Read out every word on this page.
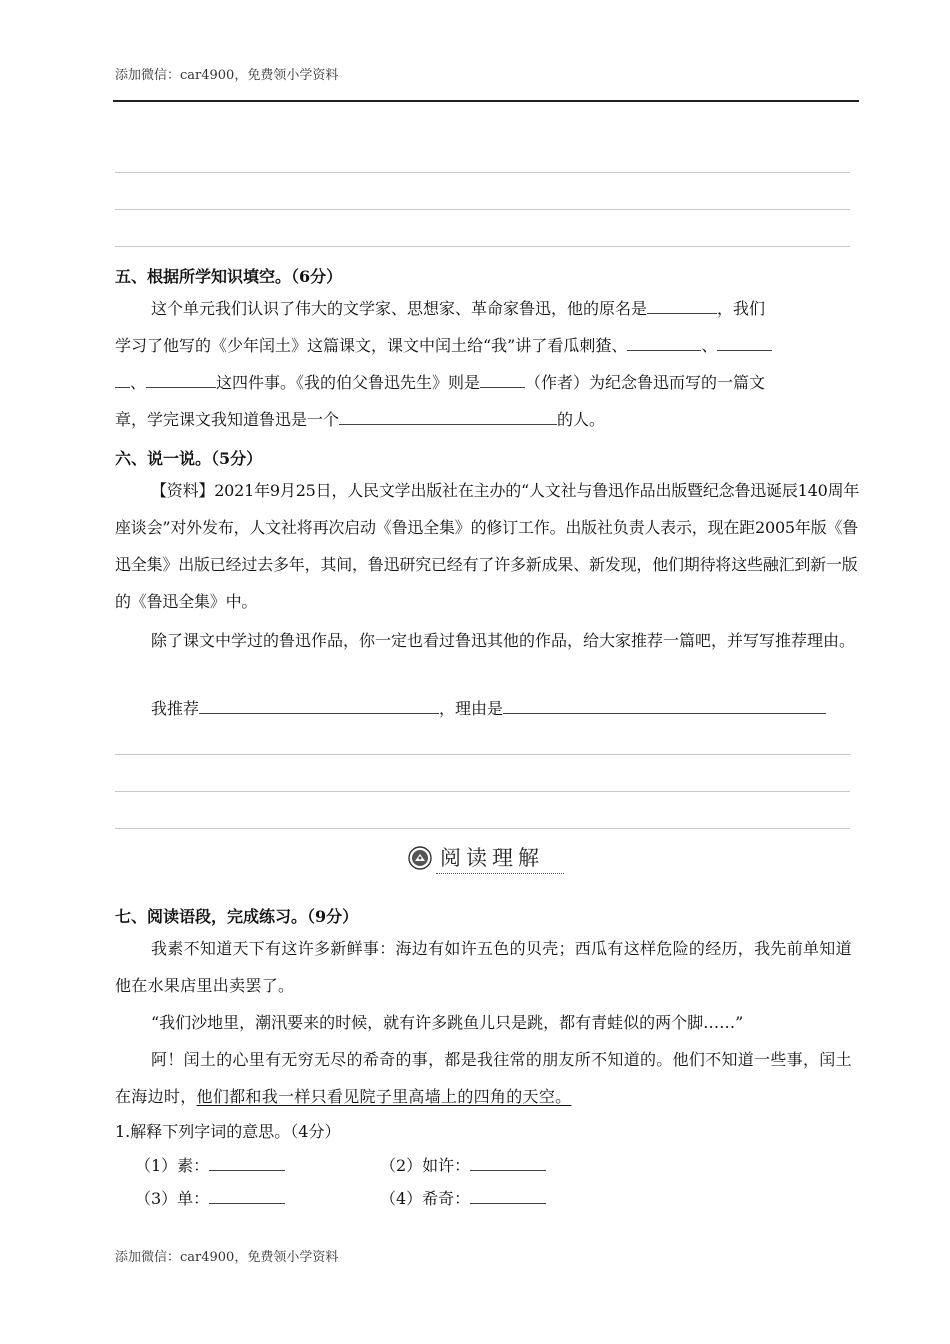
添加微信：car4900，免费领小学资料
五、根据所学知识填空。（6分）
这个单元我们认识了伟大的文学家、思想家、革命家鲁迅，他的原名是	，我们
学习了他写的《少年闰土》这篇课文，课文中闰土给“我”讲了看瓜刺猹、	、
、	这四件事。《我的伯父鲁迅先生》则是	（作者）为纪念鲁迅而写的一篇文
章，学完课文我知道鲁迅是一个	的人。
六、说一说。（5分）
【资料】2021年9月25日，人民文学出版社在主办的“人文社与鲁迅作品出版暨纪念鲁迅诞辰140周年座谈会”对外发布，人文社将再次启动《鲁迅全集》的修订工作。出版社负责人表示，现在距2005年版《鲁迅全集》出版已经过去多年，其间，鲁迅研究已经有了许多新成果、新发现，他们期待将这些融汇到新一版的《鲁迅全集》中。
除了课文中学过的鲁迅作品，你一定也看过鲁迅其他的作品，给大家推荐一篇吧，并写写推荐理由。
我推荐	，理由是
阅读理解
七、阅读语段，完成练习。（9分）
我素不知道天下有这许多新鲜事：海边有如许五色的贝壳；西瓜有这样危险的经历，我先前单知道他在水果店里出卖罢了。
“我们沙地里，潮汛要来的时候，就有许多跳鱼儿只是跳，都有青蛙似的两个脚……”
阿！闰土的心里有无穷无尽的希奇的事，都是我往常的朋友所不知道的。他们不知道一些事，闰土在海边时，他们都和我一样只看见院子里高墙上的四角的天空。
1.解释下列字词的意思。（4分）
（1）素：	（2）如许：
（3）单：	（4）希奇：
添加微信：car4900，免费领小学资料
